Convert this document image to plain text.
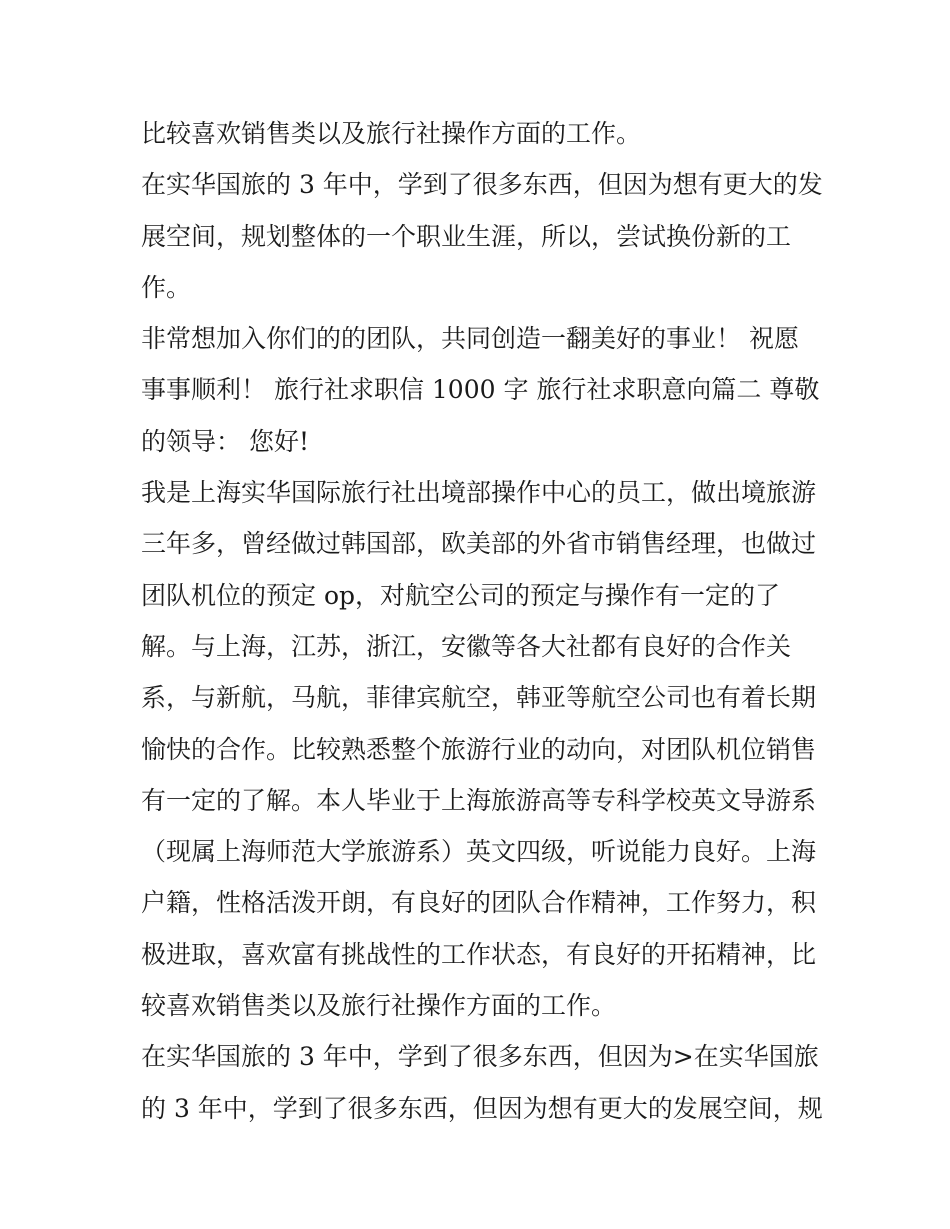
比较喜欢销售类以及旅行社操作方面的工作。
在实华国旅的 3 年中，学到了很多东西，但因为想有更大的发
展空间，规划整体的一个职业生涯，所以，尝试换份新的工
作。
非常想加入你们的的团队，共同创造一翻美好的事业！ 祝愿
事事顺利！ 旅行社求职信 1000 字 旅行社求职意向篇二 尊敬
的领导： 您好!
我是上海实华国际旅行社出境部操作中心的员工，做出境旅游
三年多，曾经做过韩国部，欧美部的外省市销售经理，也做过
团队机位的预定 op，对航空公司的预定与操作有一定的了
解。与上海，江苏，浙江，安徽等各大社都有良好的合作关
系，与新航，马航，菲律宾航空，韩亚等航空公司也有着长期
愉快的合作。比较熟悉整个旅游行业的动向，对团队机位销售
有一定的了解。本人毕业于上海旅游高等专科学校英文导游系
（现属上海师范大学旅游系）英文四级，听说能力良好。上海
户籍，性格活泼开朗，有良好的团队合作精神，工作努力，积
极进取，喜欢富有挑战性的工作状态，有良好的开拓精神，比
较喜欢销售类以及旅行社操作方面的工作。
在实华国旅的 3 年中，学到了很多东西，但因为>在实华国旅
的 3 年中，学到了很多东西，但因为想有更大的发展空间，规
